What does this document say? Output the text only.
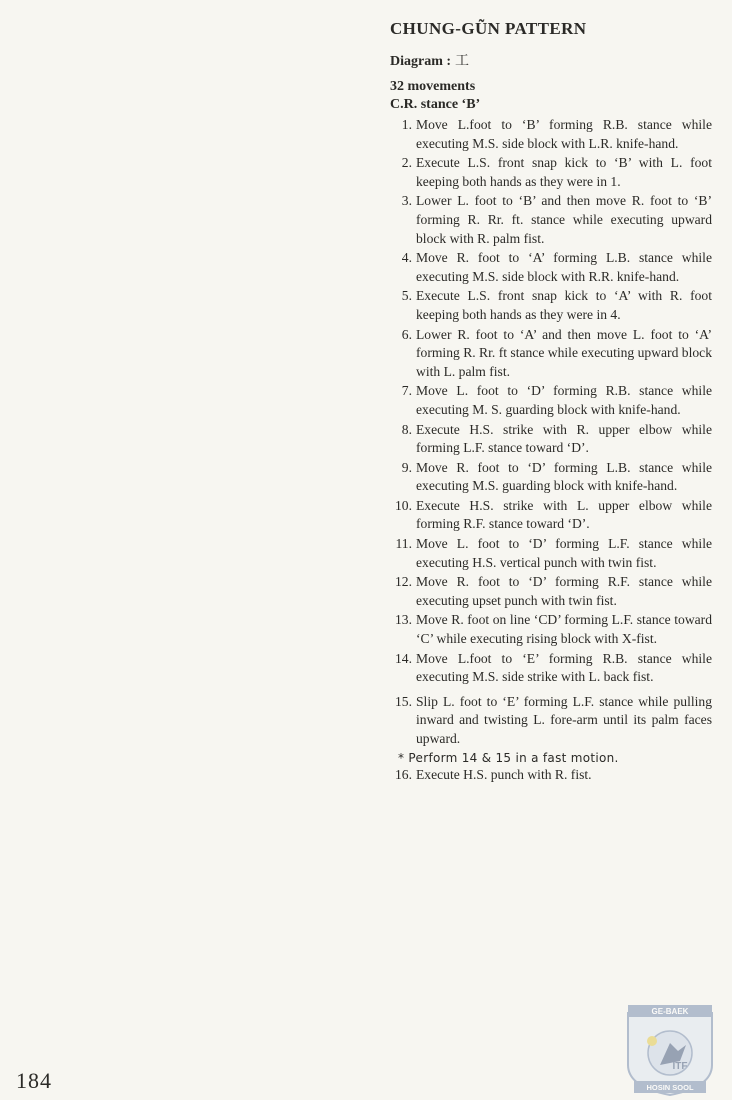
CHUNG-GŨN PATTERN
Diagram : 工
32 movements
C.R. stance ‘B’
1. Move L.foot to ‘B’ forming R.B. stance while executing M.S. side block with L.R. knife-hand.
2. Execute L.S. front snap kick to ‘B’ with L. foot keeping both hands as they were in 1.
3. Lower L. foot to ‘B’ and then move R. foot to ‘B’ forming R. Rr. ft. stance while executing upward block with R. palm fist.
4. Move R. foot to ‘A’ forming L.B. stance while executing M.S. side block with R.R. knife-hand.
5. Execute L.S. front snap kick to ‘A’ with R. foot keeping both hands as they were in 4.
6. Lower R. foot to ‘A’ and then move L. foot to ‘A’ forming R. Rr. ft stance while executing upward block with L. palm fist.
7. Move L. foot to ‘D’ forming R.B. stance while executing M. S. guarding block with knife-hand.
8. Execute H.S. strike with R. upper elbow while forming L.F. stance toward ‘D’.
9. Move R. foot to ‘D’ forming L.B. stance while executing M.S. guarding block with knife-hand.
10. Execute H.S. strike with L. upper elbow while forming R.F. stance toward ‘D’.
11. Move L. foot to ‘D’ forming L.F. stance while executing H.S. vertical punch with twin fist.
12. Move R. foot to ‘D’ forming R.F. stance while executing upset punch with twin fist.
13. Move R. foot on line ‘CD’ forming L.F. stance toward ‘C’ while executing rising block with X-fist.
14. Move L.foot to ‘E’ forming R.B. stance while executing M.S. side strike with L. back fist.
15. Slip L. foot to ‘E’ forming L.F. stance while pulling inward and twisting L. fore-arm until its palm faces upward.
* Perform 14 & 15 in a fast motion.
16. Execute H.S. punch with R. fist.
184
GE-BAEK
ITF
HOSIN SOOL
